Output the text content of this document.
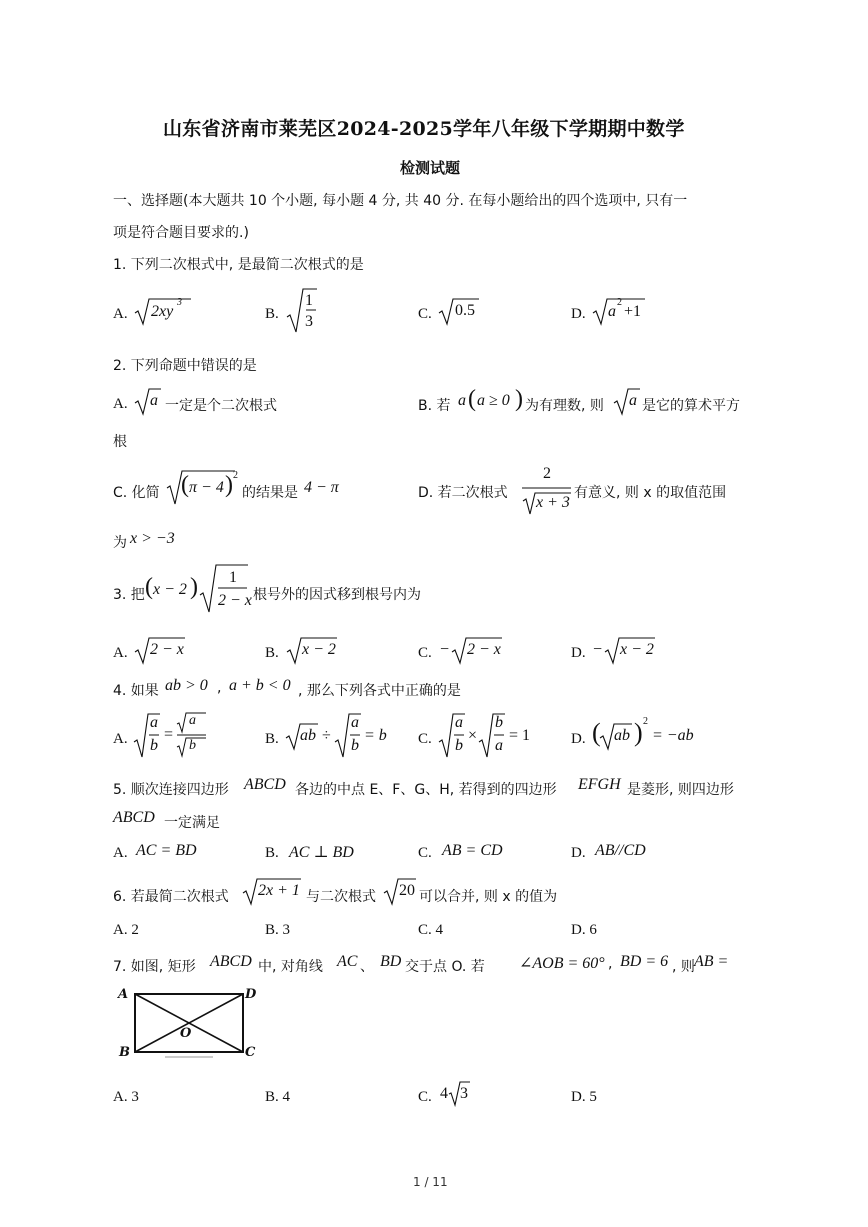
山东省济南市莱芜区2024-2025学年八年级下学期期中数学
检测试题
一、选择题(本大题共 10 个小题, 每小题 4 分, 共 40 分. 在每小题给出的四个选项中, 只有一
项是符合题目要求的.)
1. 下列二次根式中, 是最简二次根式的是
A. 2xy
3
B.
1
3	C. 0.5	D. a
2
+1
2. 下列命题中错误的是
A. a 一定是个二次根式	B. 若 a ( a ≥ 0 ) 为有理数, 则 a 是它的算术平方
根
C. 化简 ( π − 4 ) 2
的结果是 4 − π	D. 若二次根式
2
x + 3
有意义, 则 x 的取值范围
为 x > −3
3. 把 ( x − 2 ) 1
2 − x 根号外的因式移到根号内为
A. 2 − x	B. x − 2	C. − 2 − x	D. − x − 2
4. 如果 ab > 0 , a + b < 0 , 那么下列各式中正确的是
A.
a
b
=
a
b	B. ab ÷
a
b
= b C.
a
b
×
b
a
= 1	D. ( ab ) 2
= −ab
5. 顺次连接四边形 ABCD 各边的中点 E、F、G、H, 若得到的四边形 EFGH 是菱形, 则四边形
ABCD 一定满足
A. AC = BD	B. AC ⊥ BD	C. AB = CD	D. AB//CD
6. 若最简二次根式 2x + 1 与二次根式 20 可以合并, 则 x 的值为
A. 2	B. 3	C. 4	D. 6
7. 如图, 矩形 ABCD 中, 对角线 AC 、 BD 交于点 O. 若 ∠AOB = 60° , BD = 6 , 则 AB =
A	D
B	C
O
A. 3	B. 4	C. 4 3	D. 5
1 / 11
